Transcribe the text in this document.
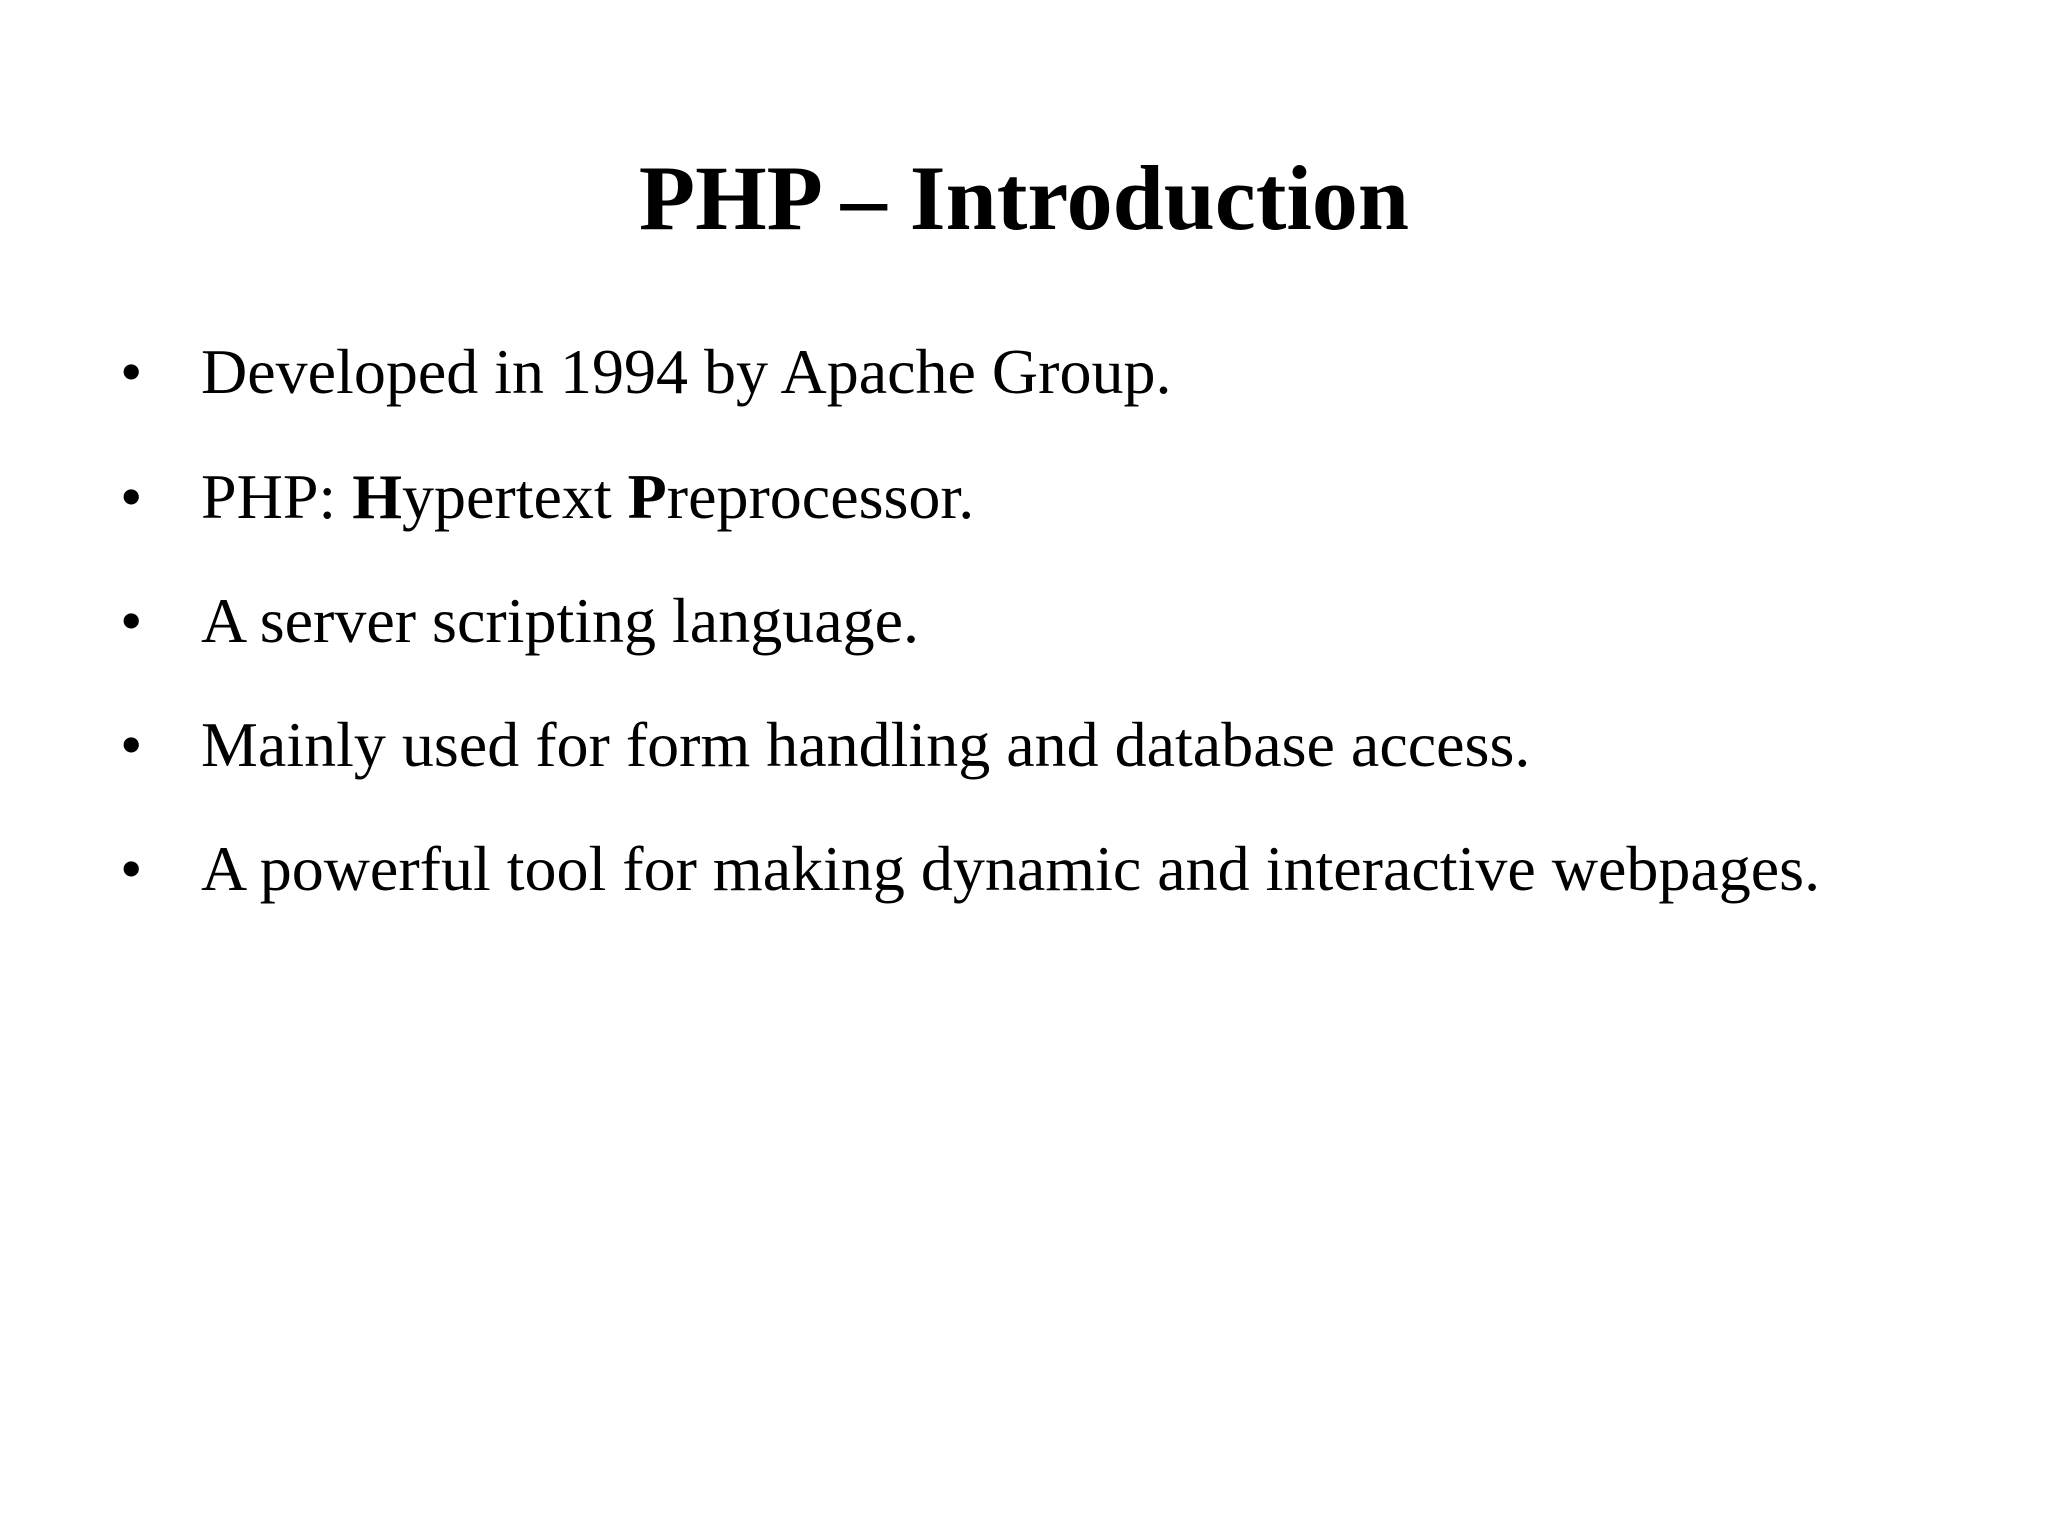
PHP – Introduction
• Developed in 1994 by Apache Group.
• PHP: Hypertext Preprocessor.
• A server scripting language.
• Mainly used for form handling and database access.
• A powerful tool for making dynamic and interactive webpages.
